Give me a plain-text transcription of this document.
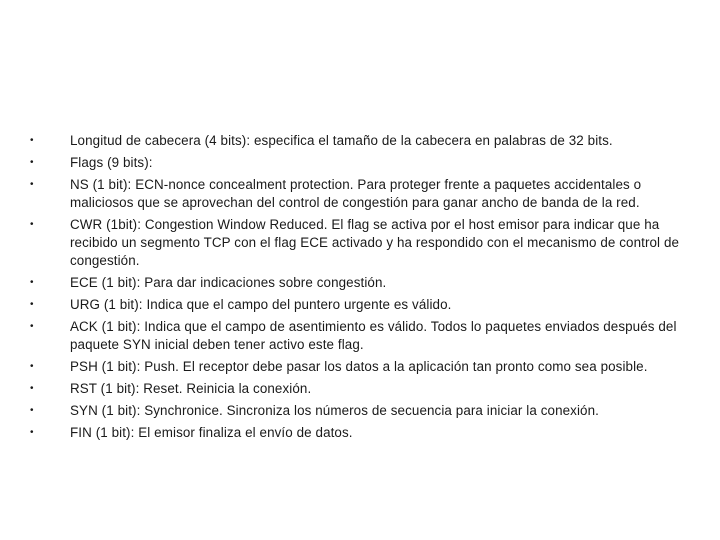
•	Longitud de cabecera (4 bits): especifica el tamaño de la cabecera en palabras de 32 bits.
•	Flags (9 bits):
•	NS (1 bit): ECN-nonce concealment protection. Para proteger frente a paquetes accidentales o maliciosos que se aprovechan del control de congestión para ganar ancho de banda de la red.
•	CWR (1bit): Congestion Window Reduced. El flag se activa por el host emisor para indicar que ha recibido un segmento TCP con el flag ECE activado y ha respondido con el mecanismo de control de congestión.
•	ECE (1 bit): Para dar indicaciones sobre congestión.
•	URG (1 bit): Indica que el campo del puntero urgente es válido.
•	ACK (1 bit): Indica que el campo de asentimiento es válido. Todos lo paquetes enviados después del paquete SYN inicial deben tener activo este flag.
•	PSH (1 bit): Push. El receptor debe pasar los datos a la aplicación tan pronto como sea posible.
•	RST (1 bit): Reset. Reinicia la conexión.
•	SYN (1 bit): Synchronice. Sincroniza los números de secuencia para iniciar la conexión.
•	FIN (1 bit): El emisor finaliza el envío de datos.
